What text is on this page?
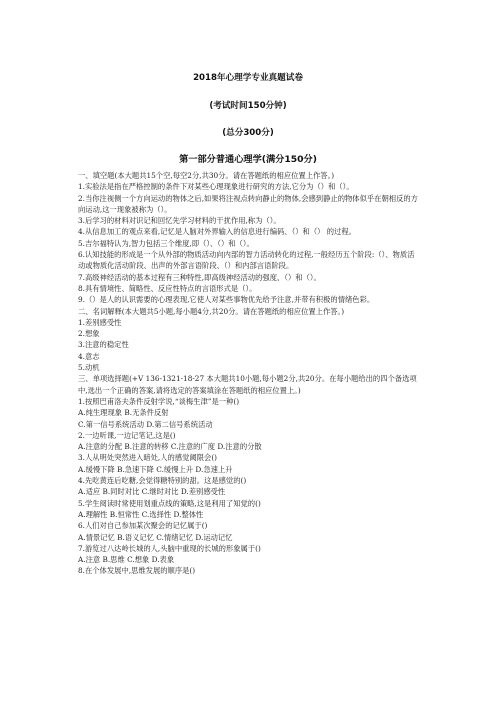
2018年心理学专业真题试卷
(考试时间150分钟)
(总分300分)
第一部分普通心理学(满分150分)
一、填空题(本大题共15个空,每空2分,共30分。请在答题纸的相应位置上作答。)
1.实验法是指在严格控制的条件下对某些心理现象进行研究的方法,它分为（）和（）。
2.当你注视侧一个方向运动的物体之后,如果将注视点转向静止的物体,会感到静止的物体似乎在朝相反的方向运动,这一现象被称为（）。
3.后学习的材料对识记和回忆先学习材料的干扰作用,称为（）。
4.从信息加工的观点来看,记忆是人脑对外界输入的信息进行编码、（）和（） 的过程。
5.吉尔福特认为,智力包括三个维度,即（）、（）和（）。
6.认知技能的形成是一个从外部的物质活动向内部的智力活动转化的过程,一般经历五个阶段:（）、物质活动或物质化活动阶段、出声的外部言语阶段、（）和内部言语阶段。
7.高级神经活动的基本过程有三种特性,即高级神经活动的强度、（）和（）。
8.具有情境性、简略性、反应性特点的言语形式是（）。
9.（）是人的认识需要的心理表现,它使人对某些事物优先给予注意,并带有积极的情绪色彩。
二、名词解释(本大题共5小题,每小题4分,共20分。请在答题纸的相应位置上作答。)
1.差别感受性
2.想象
3.注意的稳定性
4.意志
5.动机
三、单项选择题(+V 136-1321-18-27 本大题共10小题,每小题2分,共20分。在每小题给出的四个备选项中,选出一个正确的答案,请将选定的答案填涂在答题纸的相应位置上。)
1.按照巴甫洛夫条件反射学说,“谈梅生津”是一种()
A.纯生理现象 B.无条件反射
C.第一信号系统活动 D.第二信号系统活动
2.一边听课,一边记笔记,这是()
A.注意的分配 B.注意的转移 C.注意的广度 D.注意的分散
3.人从明处突然进入暗处,人的感觉阈限会()
A.缓慢下降 B.急速下降 C.缓慢上升 D.急速上升
4.先吃黄连后吃糖,会觉得糖特别的甜。这是感觉的()
A.适应 B.同时对比 C.继时对比 D.差别感受性
5.学生阅读时常使用划重点线的策略,这是利用了知觉的()
A.理解性 B.恒常性 C.选择性 D.整体性
6.人们对自己参加某次聚会的记忆属于()
A.情景记忆 B.语义记忆 C.情绪记忆 D.运动记忆
7.游览过八达岭长城的人,头脑中重现的长城的形象属于()
A.注意 B.思维 C.想象 D.表象
8.在个体发展中,思维发展的顺序是()
